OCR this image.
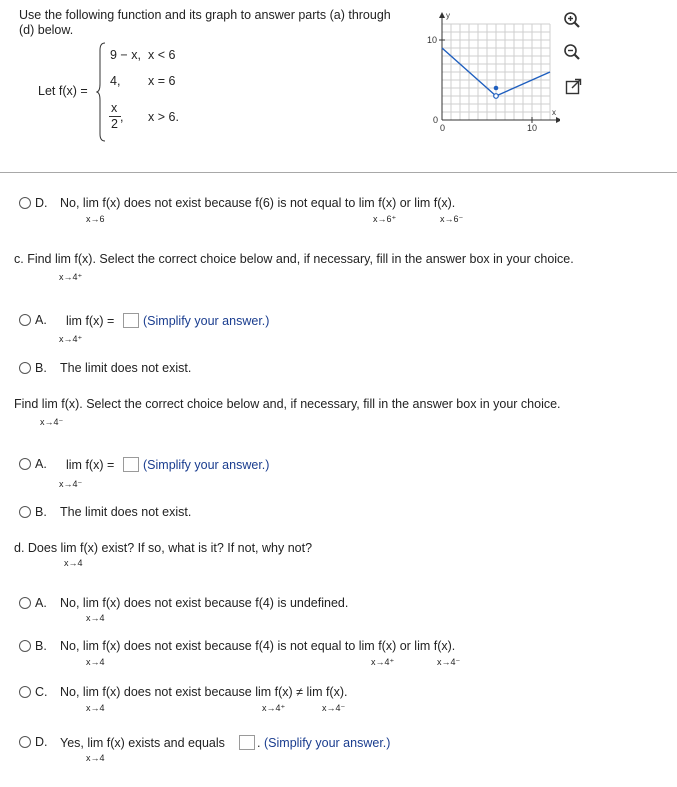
Use the following function and its graph to answer parts (a) through
(d) below.
Let f(x) =
9 − x, x < 6
4, x = 6
x
2 , x > 6.
y
x
10
0
0	10
D. No, lim f(x) does not exist because f(6) is not equal to lim f(x) or lim f(x).
x→6	x→6⁺	x→6⁻
c. Find lim f(x). Select the correct choice below and, if necessary, fill in the answer box in your choice.
x→4⁺
A. lim f(x) = (Simplify your answer.)
x→4⁺
B. The limit does not exist.
Find lim f(x). Select the correct choice below and, if necessary, fill in the answer box in your choice.
x→4⁻
A. lim f(x) = (Simplify your answer.)
x→4⁻
B. The limit does not exist.
d. Does lim f(x) exist? If so, what is it? If not, why not?
x→4
A. No, lim f(x) does not exist because f(4) is undefined.
x→4
B. No, lim f(x) does not exist because f(4) is not equal to lim f(x) or lim f(x).
x→4	x→4⁺	x→4⁻
C. No, lim f(x) does not exist because lim f(x) ≠ lim f(x).
x→4	x→4⁺	x→4⁻
D. Yes, lim f(x) exists and equals	. (Simplify your answer.)
x→4
